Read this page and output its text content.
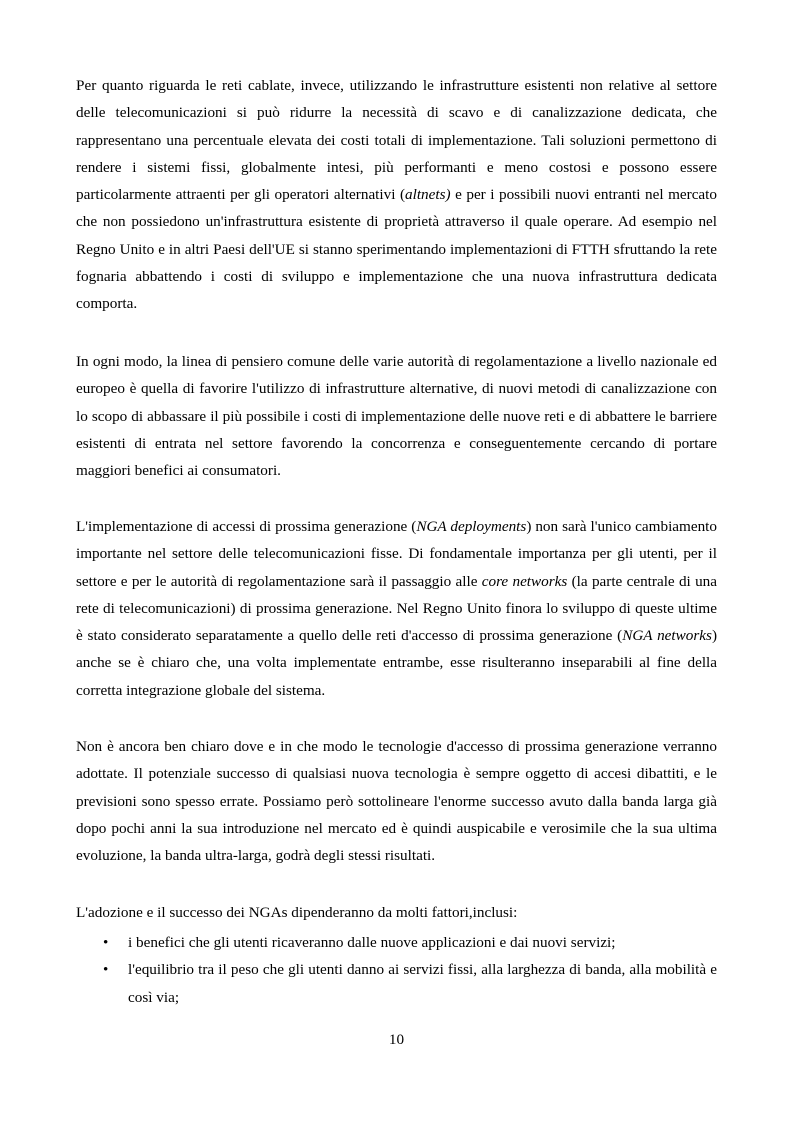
Per quanto riguarda le reti cablate, invece, utilizzando le infrastrutture esistenti non relative al settore delle telecomunicazioni si può ridurre la necessità di scavo e di canalizzazione dedicata, che rappresentano una percentuale elevata dei costi totali di implementazione. Tali soluzioni permettono di rendere i sistemi fissi, globalmente intesi, più performanti e meno costosi e possono essere particolarmente attraenti per gli operatori alternativi (altnets) e per i possibili nuovi entranti nel mercato che non possiedono un'infrastruttura esistente di proprietà attraverso il quale operare. Ad esempio nel Regno Unito e in altri Paesi dell'UE si stanno sperimentando implementazioni di FTTH sfruttando la rete fognaria abbattendo i costi di sviluppo e implementazione che una nuova infrastruttura dedicata comporta.

In ogni modo, la linea di pensiero comune delle varie autorità di regolamentazione a livello nazionale ed europeo è quella di favorire l'utilizzo di infrastrutture alternative, di nuovi metodi di canalizzazione con lo scopo di abbassare il più possibile i costi di implementazione delle nuove reti e di abbattere le barriere esistenti di entrata nel settore favorendo la concorrenza e conseguentemente cercando di portare maggiori benefici ai consumatori.

L'implementazione di accessi di prossima generazione (NGA deployments) non sarà l'unico cambiamento importante nel settore delle telecomunicazioni fisse. Di fondamentale importanza per gli utenti, per il settore e per le autorità di regolamentazione sarà il passaggio alle core networks (la parte centrale di una rete di telecomunicazioni) di prossima generazione. Nel Regno Unito finora lo sviluppo di queste ultime è stato considerato separatamente a quello delle reti d'accesso di prossima generazione (NGA networks) anche se è chiaro che, una volta implementate entrambe, esse risulteranno inseparabili al fine della corretta integrazione globale del sistema.

Non è ancora ben chiaro dove e in che modo le tecnologie d'accesso di prossima generazione verranno adottate. Il potenziale successo di qualsiasi nuova tecnologia è sempre oggetto di accesi dibattiti, e le previsioni sono spesso errate. Possiamo però sottolineare l'enorme successo avuto dalla banda larga già dopo pochi anni la sua introduzione nel mercato ed è quindi auspicabile e verosimile che la sua ultima evoluzione, la banda ultra-larga, godrà degli stessi risultati.

L'adozione e il successo dei NGAs dipenderanno da molti fattori,inclusi:

• i benefici che gli utenti ricaveranno dalle nuove applicazioni e dai nuovi servizi;
• l'equilibrio tra il peso che gli utenti danno ai servizi fissi, alla larghezza di banda, alla mobilità e così via;

10
